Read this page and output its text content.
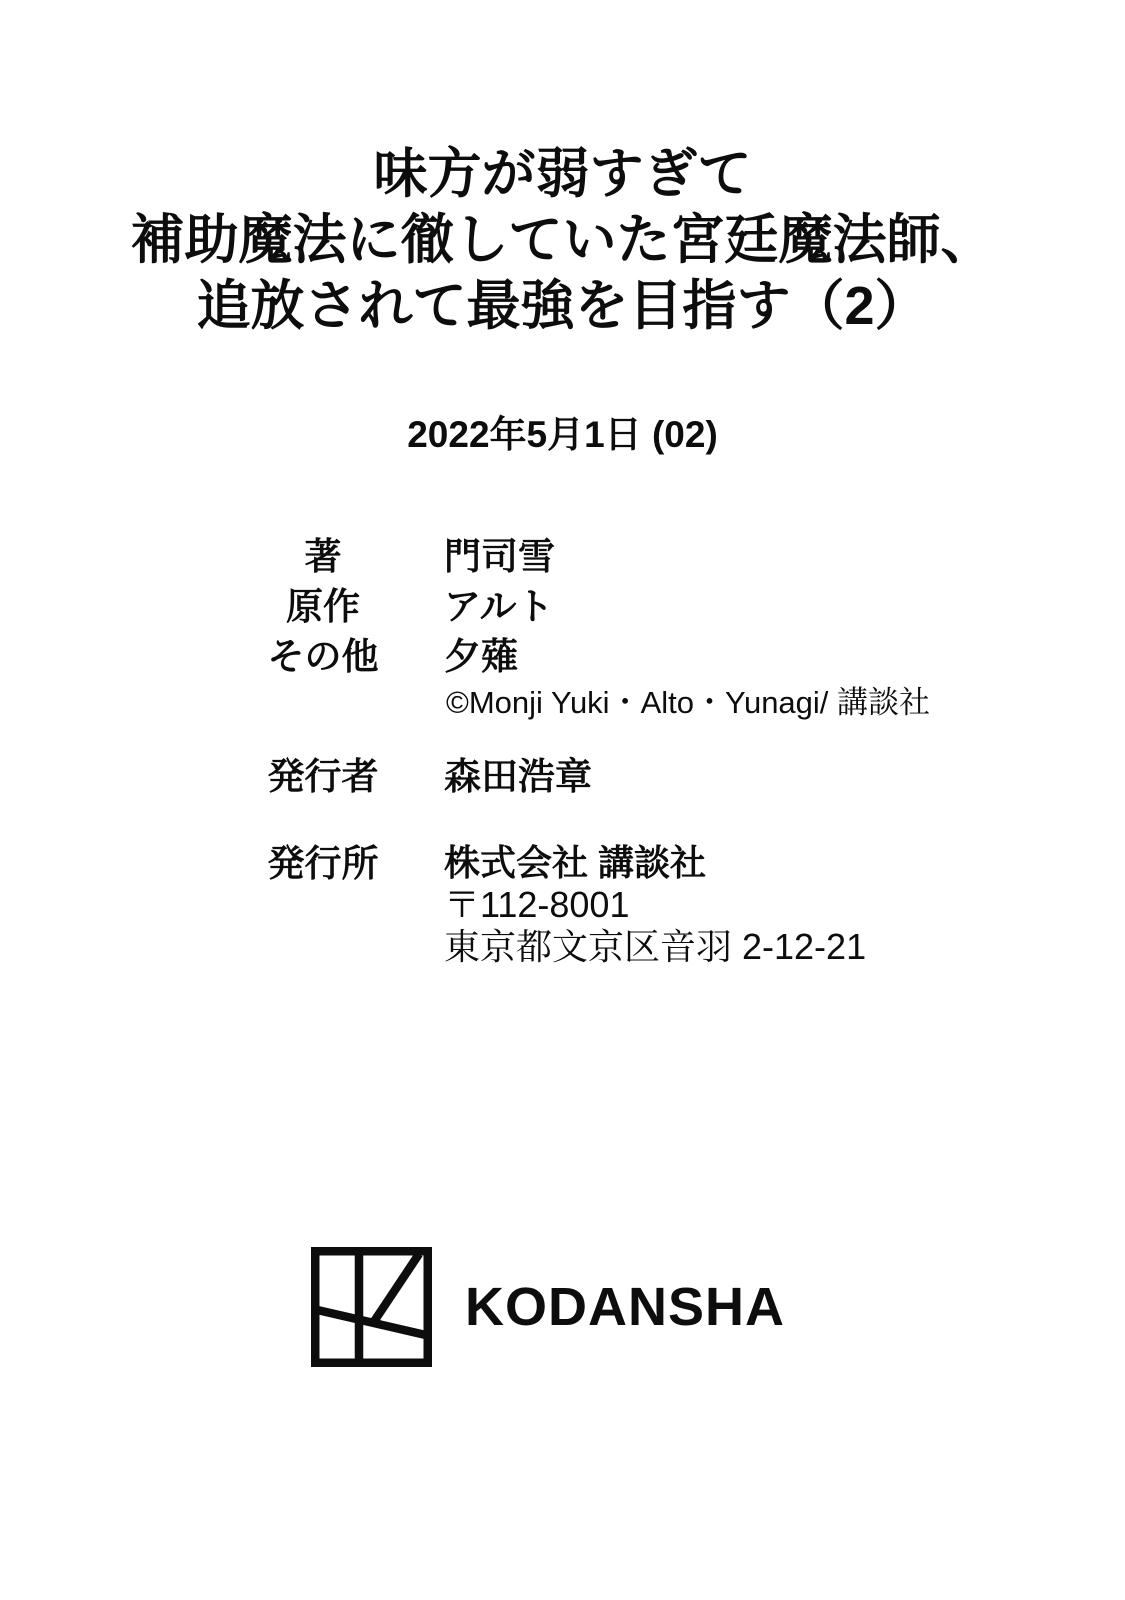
味方が弱すぎて
補助魔法に徹していた宮廷魔法師、
追放されて最強を目指す（2）
2022年5月1日 (02)
著	門司雪
原作	アルト
その他	夕薙
©Monji Yuki・Alto・Yunagi/ 講談社
発行者	森田浩章
発行所	株式会社 講談社
〒112-8001
東京都文京区音羽 2-12-21
KODANSHA
